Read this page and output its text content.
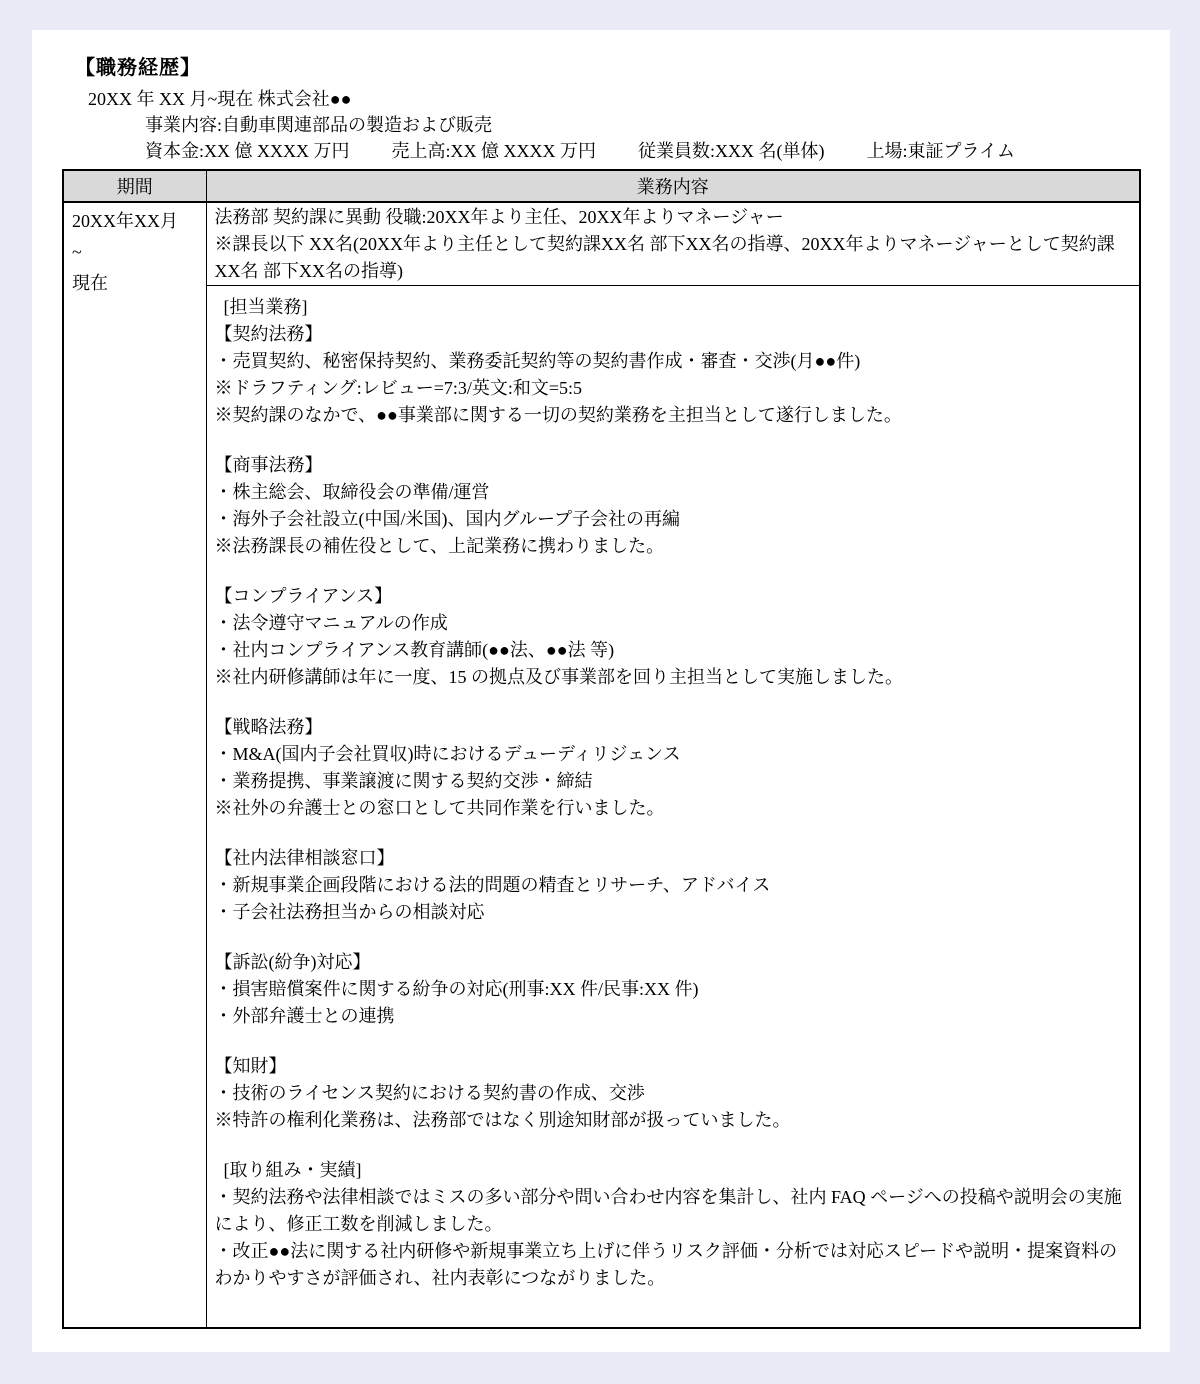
【職務経歴】
20XX 年 XX 月~現在 株式会社●●
事業内容:自動車関連部品の製造および販売
資本金:XX 億 XXXX 万円 売上高:XX 億 XXXX 万円 従業員数:XXX 名(単体) 上場:東証プライム
期間	業務内容

20XX年XX月
~
現在

法務部 契約課に異動 役職:20XX年より主任、20XX年よりマネージャー
※課長以下 XX名(20XX年より主任として契約課XX名 部下XX名の指導、20XX年よりマネージャーとして契約課XX名 部下XX名の指導)

[担当業務]
【契約法務】
・売買契約、秘密保持契約、業務委託契約等の契約書作成・審査・交渉(月●●件)
※ドラフティング:レビュー=7:3/英文:和文=5:5
※契約課のなかで、●●事業部に関する一切の契約業務を主担当として遂行しました。
【商事法務】
・株主総会、取締役会の準備/運営
・海外子会社設立(中国/米国)、国内グループ子会社の再編
※法務課長の補佐役として、上記業務に携わりました。
【コンプライアンス】
・法令遵守マニュアルの作成
・社内コンプライアンス教育講師(●●法、●●法 等)
※社内研修講師は年に一度、15 の拠点及び事業部を回り主担当として実施しました。
【戦略法務】
・M&A(国内子会社買収)時におけるデューディリジェンス
・業務提携、事業譲渡に関する契約交渉・締結
※社外の弁護士との窓口として共同作業を行いました。
【社内法律相談窓口】
・新規事業企画段階における法的問題の精査とリサーチ、アドバイス
・子会社法務担当からの相談対応
【訴訟(紛争)対応】
・損害賠償案件に関する紛争の対応(刑事:XX 件/民事:XX 件)
・外部弁護士との連携
【知財】
・技術のライセンス契約における契約書の作成、交渉
※特許の権利化業務は、法務部ではなく別途知財部が扱っていました。
[取り組み・実績]
・契約法務や法律相談ではミスの多い部分や問い合わせ内容を集計し、社内 FAQ ページへの投稿や説明会の実施により、修正工数を削減しました。
・改正●●法に関する社内研修や新規事業立ち上げに伴うリスク評価・分析では対応スピードや説明・提案資料のわかりやすさが評価され、社内表彰につながりました。
